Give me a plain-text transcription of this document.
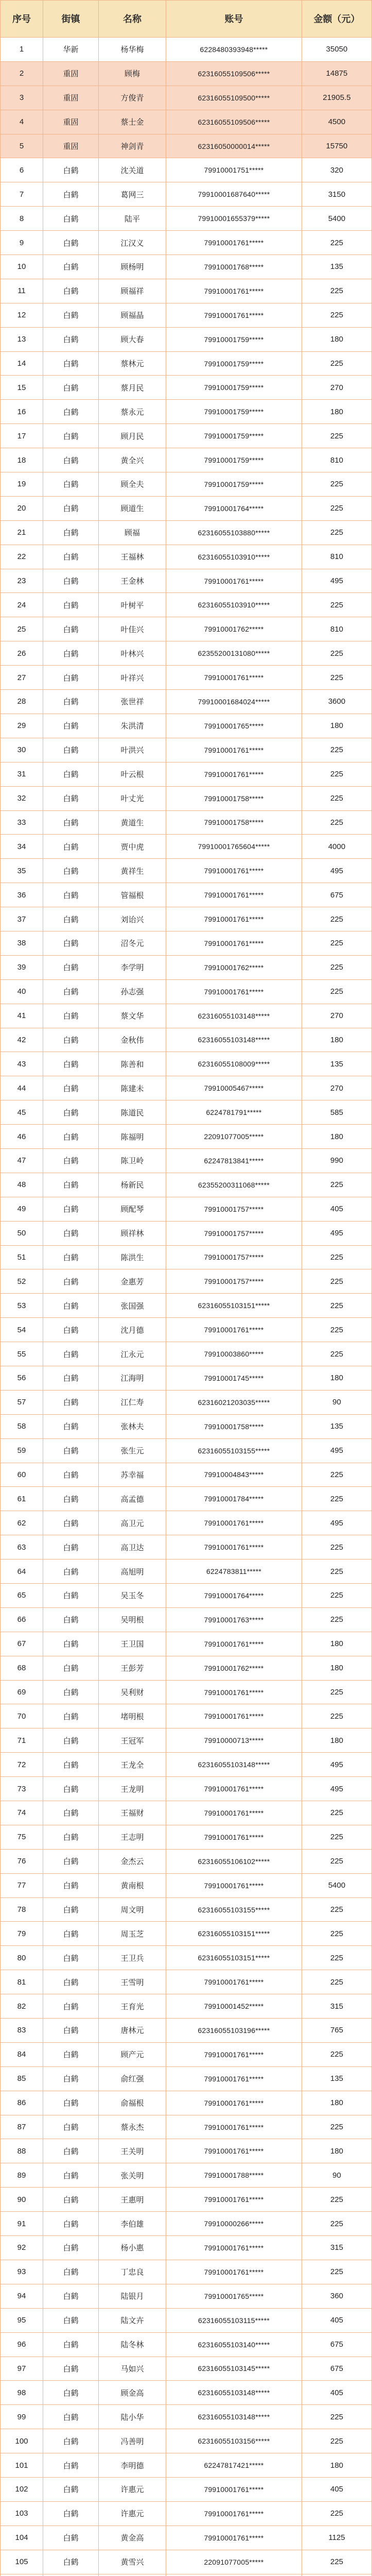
序号	街镇	名称	账号	金额（元）

1	华新	杨华梅	6228480393948*****	35050
2	重固	顾梅	62316055109506*****	14875
3	重固	方俊青	62316055109500*****	21905.5
4	重固	蔡士金	62316055109506*****	4500
5	重固	神剑青	62316050000014*****	15750
6	白鹤	沈关道	79910001751*****	320
7	白鹤	葛网三	79910001687640*****	3150
8	白鹤	陆平	79910001655379*****	5400
9	白鹤	江汉义	79910001761*****	225
10	白鹤	顾杨明	79910001768*****	135
11	白鹤	顾福祥	79910001761*****	225
12	白鹤	顾福晶	79910001761*****	225
13	白鹤	顾大春	79910001759*****	180
14	白鹤	蔡林元	79910001759*****	225
15	白鹤	蔡月民	79910001759*****	270
16	白鹤	蔡永元	79910001759*****	180
17	白鹤	顾月民	79910001759*****	225
18	白鹤	黄全兴	79910001759*****	810
19	白鹤	顾全夫	79910001759*****	225
20	白鹤	顾道生	79910001764*****	225
21	白鹤	顾福	62316055103880*****	225
22	白鹤	王福林	62316055103910*****	810
23	白鹤	王金林	79910001761*****	495
24	白鹤	叶树平	62316055103910*****	225
25	白鹤	叶佳兴	79910001762*****	810
26	白鹤	叶林兴	62355200131080*****	225
27	白鹤	叶祥兴	79910001761*****	225
28	白鹤	张世祥	79910001684024*****	3600
29	白鹤	朱洪清	79910001765*****	180
30	白鹤	叶洪兴	79910001761*****	225
31	白鹤	叶云根	79910001761*****	225
32	白鹤	叶丈光	79910001758*****	225
33	白鹤	黄道生	79910001758*****	225
34	白鹤	贾中虎	79910001765604*****	4000
35	白鹤	黄祥生	79910001761*****	495
36	白鹤	管福根	79910001761*****	675
37	白鹤	刘诒兴	79910001761*****	225
38	白鹤	沼冬元	79910001761*****	225
39	白鹤	李学明	79910001762*****	225
40	白鹤	孙志强	79910001761*****	225
41	白鹤	蔡文华	62316055103148*****	270
42	白鹤	金秋伟	62316055103148*****	180
43	白鹤	陈善和	62316055108009*****	135
44	白鹤	陈建未	79910005467*****	270
45	白鹤	陈道民	6224781791*****	585
46	白鹤	陈福明	22091077005*****	180
47	白鹤	陈卫岭	62247813841*****	990
48	白鹤	杨新民	62355200311068*****	225
49	白鹤	顾配琴	79910001757*****	405
50	白鹤	顾祥林	79910001757*****	495
51	白鹤	陈洪生	79910001757*****	225
52	白鹤	金惠芳	79910001757*****	225
53	白鹤	张国强	62316055103151*****	225
54	白鹤	沈月德	79910001761*****	225
55	白鹤	江永元	79910003860*****	225
56	白鹤	江海明	79910001745*****	180
57	白鹤	江仁寿	62316021203035*****	90
58	白鹤	张林夫	79910001758*****	135
59	白鹤	张生元	62316055103155*****	495
60	白鹤	苏幸福	79910004843*****	225
61	白鹤	高孟德	79910001784*****	225
62	白鹤	高卫元	79910001761*****	495
63	白鹤	高卫达	79910001761*****	225
64	白鹤	高旭明	6224783811*****	225
65	白鹤	吴玉冬	79910001764*****	225
66	白鹤	吴明根	79910001763*****	225
67	白鹤	王卫国	79910001761*****	180
68	白鹤	王彭芳	79910001762*****	180
69	白鹤	吴利财	79910001761*****	225
70	白鹤	堵明根	79910001761*****	225
71	白鹤	王冠军	79910000713*****	180
72	白鹤	王龙全	62316055103148*****	495
73	白鹤	王龙明	79910001761*****	495
74	白鹤	王福财	79910001761*****	225
75	白鹤	王志明	79910001761*****	225
76	白鹤	金杰云	62316055106102*****	225
77	白鹤	黄南根	79910001761*****	5400
78	白鹤	周文明	62316055103155*****	225
79	白鹤	周玉芝	62316055103151*****	225
80	白鹤	王卫兵	62316055103151*****	225
81	白鹤	王雪明	79910001761*****	225
82	白鹤	王育光	79910001452*****	315
83	白鹤	唐林元	62316055103196*****	765
84	白鹤	顾产元	79910001761*****	225
85	白鹤	俞红强	79910001761*****	135
86	白鹤	俞福根	79910001761*****	180
87	白鹤	蔡永杰	79910001761*****	225
88	白鹤	王关明	79910001761*****	180
89	白鹤	张关明	79910001788*****	90
90	白鹤	王惠明	79910001761*****	225
91	白鹤	李伯雄	79910000266*****	225
92	白鹤	杨小惠	79910001761*****	315
93	白鹤	丁忠良	79910001761*****	225
94	白鹤	陆银月	79910001765*****	360
95	白鹤	陆文卉	62316055103115*****	405
96	白鹤	陆冬林	62316055103140*****	675
97	白鹤	马如兴	62316055103145*****	675
98	白鹤	顾金高	62316055103148*****	405
99	白鹤	陆小华	62316055103148*****	225
100	白鹤	冯善明	62316055103156*****	225
101	白鹤	李明德	62247817421*****	180
102	白鹤	许惠元	79910001761*****	405
103	白鹤	许惠元	79910001761*****	225
104	白鹤	黄金高	79910001761*****	1125
105	白鹤	黄雪兴	22091077005*****	225
